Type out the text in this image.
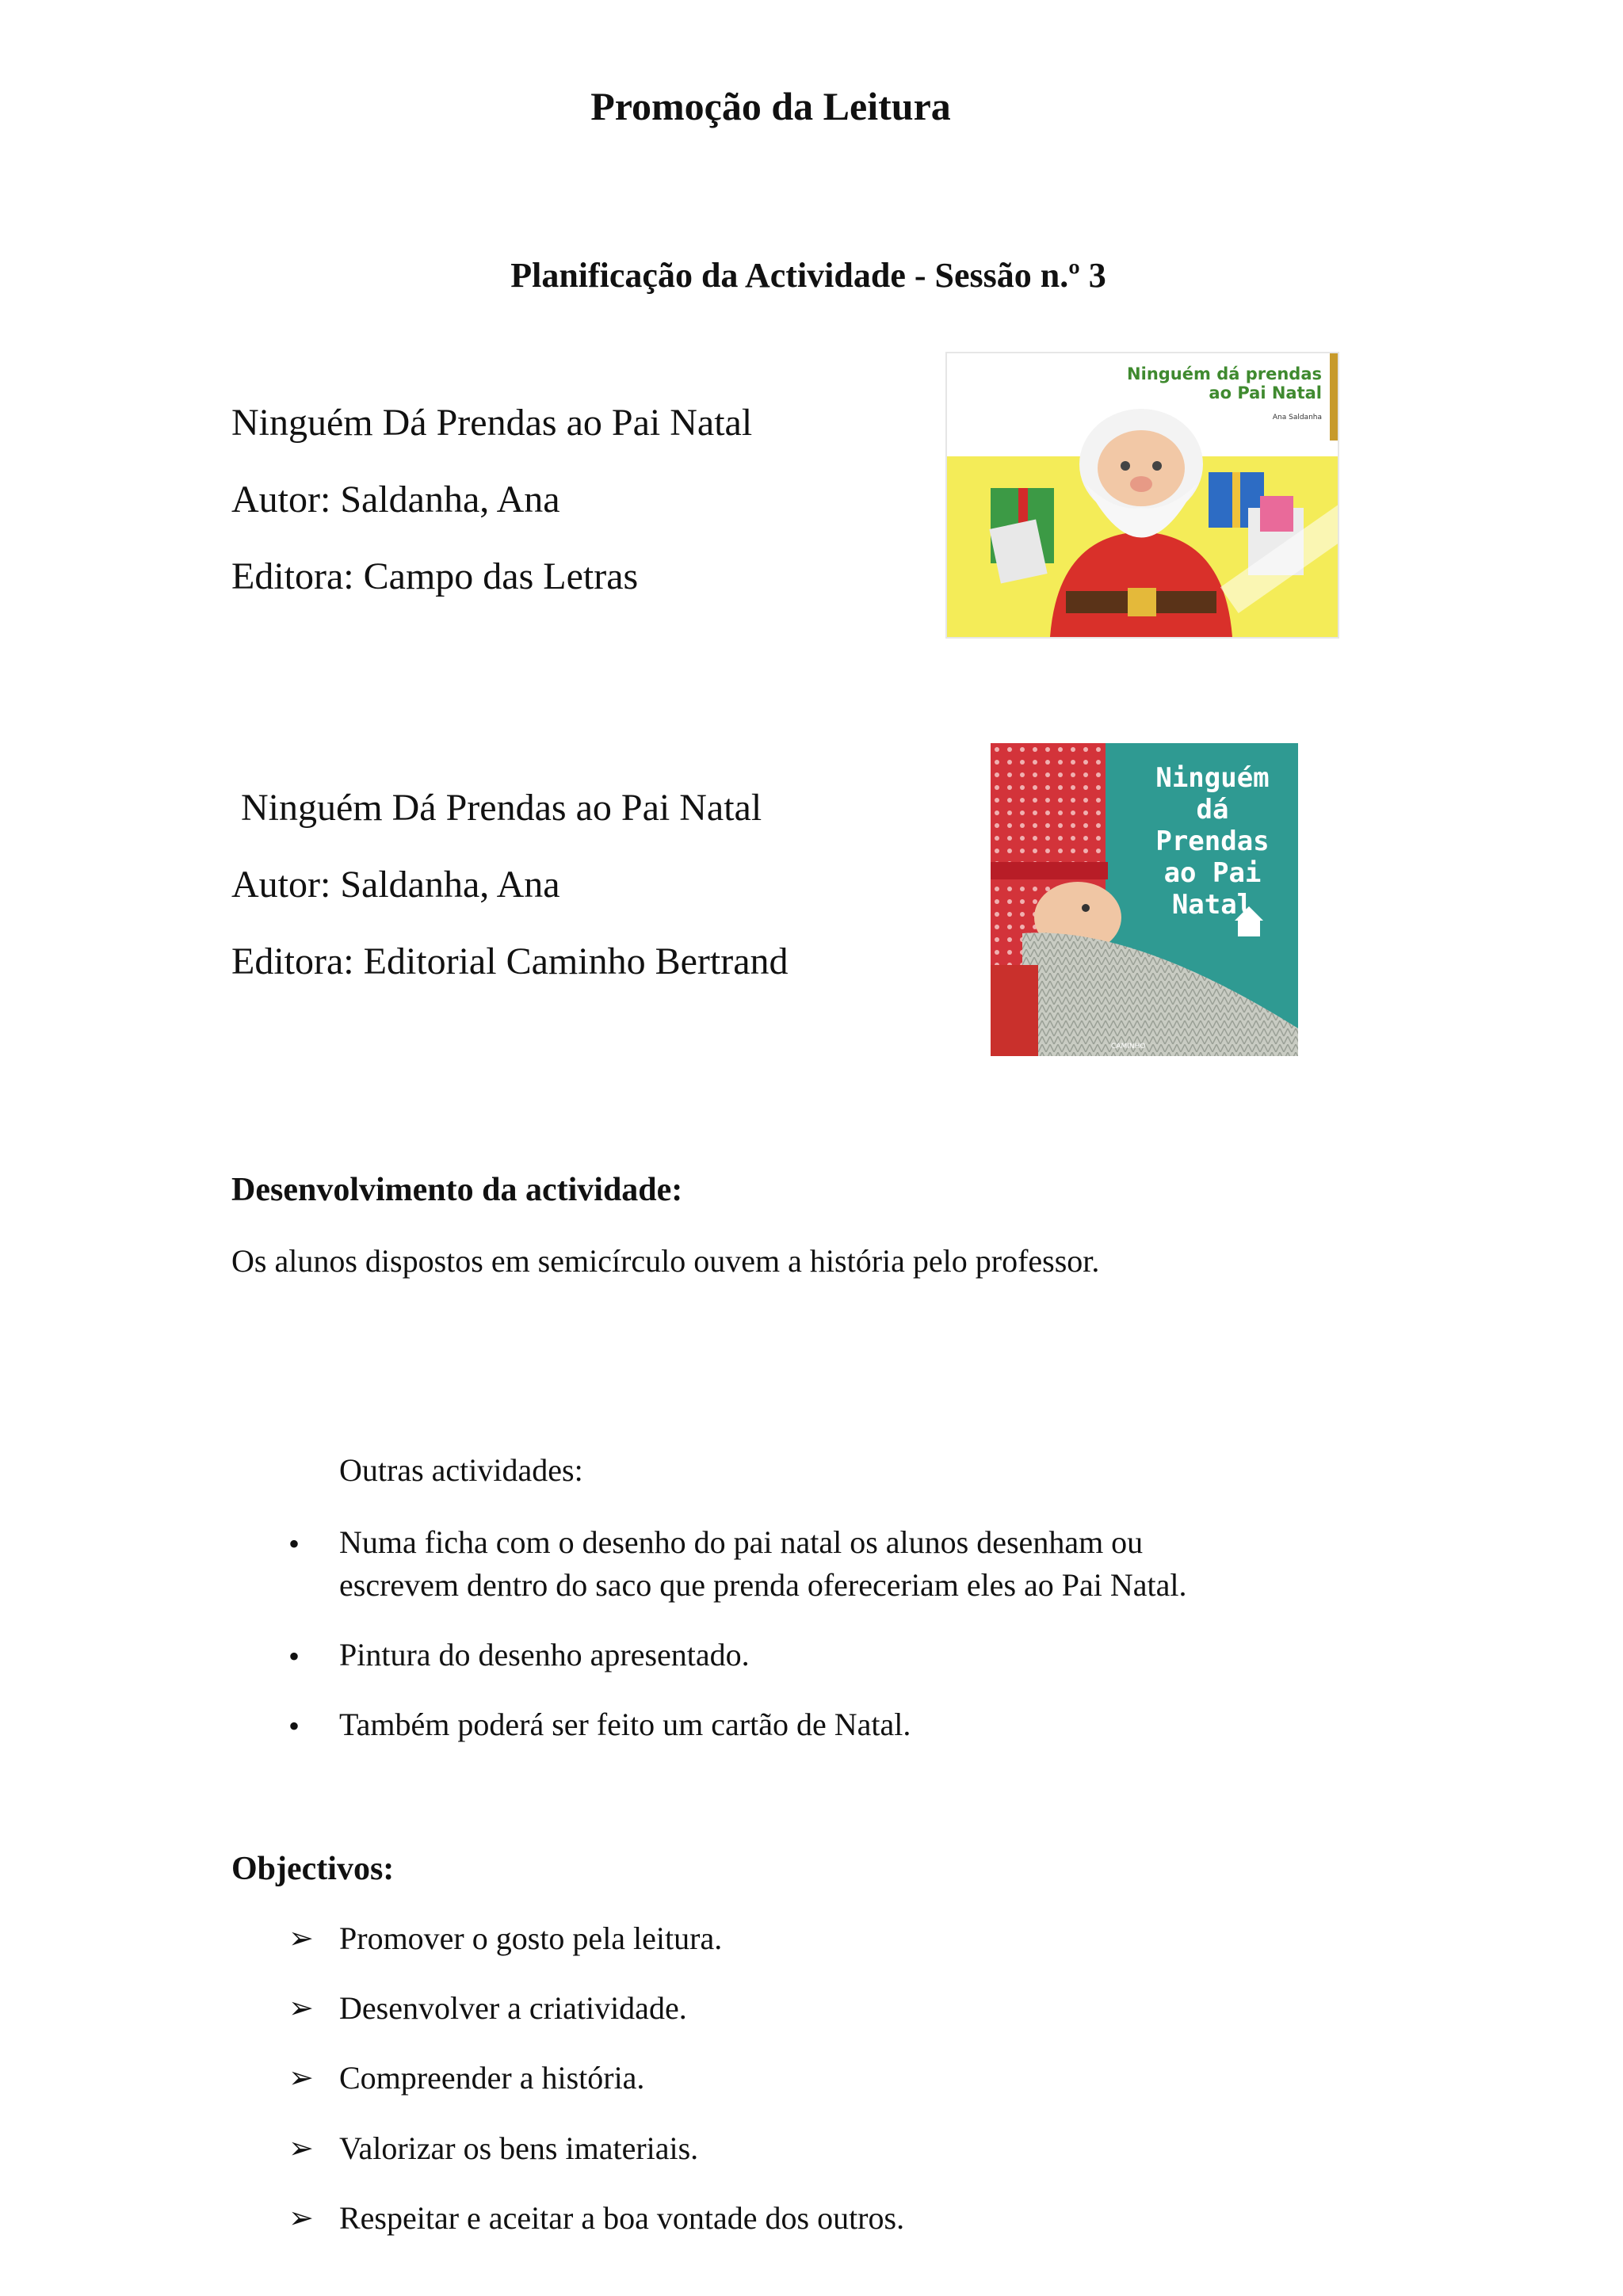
Promoção da Leitura
Planificação da Actividade - Sessão n.º 3
Ninguém Dá Prendas ao Pai Natal
Autor: Saldanha, Ana
Editora: Campo das Letras
Ninguém dá prendas
ao Pai Natal
Ana Saldanha
Ninguém Dá Prendas ao Pai Natal
Autor: Saldanha, Ana
Editora: Editorial Caminho Bertrand
Ninguém
dá
Prendas
ao Pai
Natal
CAMINHO
Desenvolvimento da actividade:
Os alunos dispostos em semicírculo ouvem a história pelo professor.
Outras actividades:
• Numa ficha com o desenho do pai natal os alunos desenham ou
escrevem dentro do saco que prenda ofereceriam eles ao Pai Natal.
• Pintura do desenho apresentado.
• Também poderá ser feito um cartão de Natal.
Objectivos:
➢ Promover o gosto pela leitura.
➢ Desenvolver a criatividade.
➢ Compreender a história.
➢ Valorizar os bens imateriais.
➢ Respeitar e aceitar a boa vontade dos outros.
